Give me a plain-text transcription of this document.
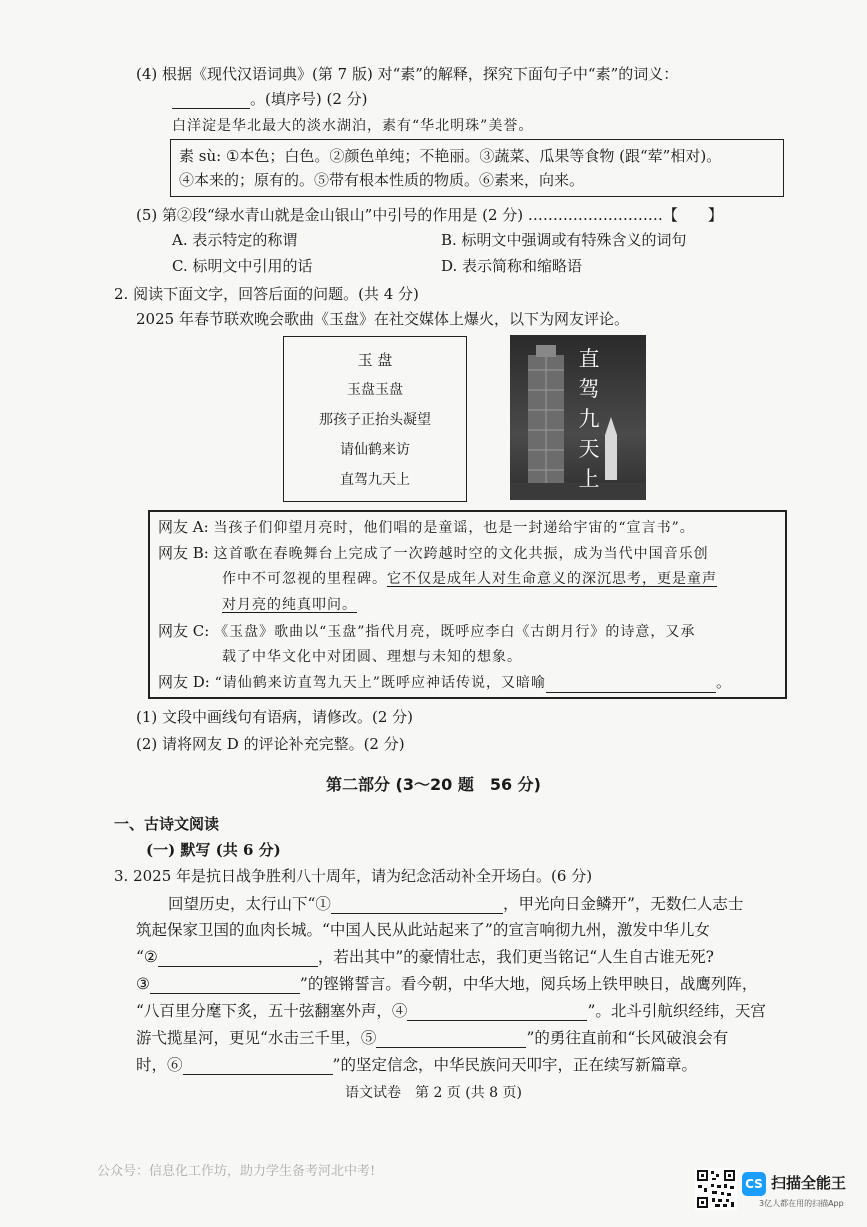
(4) 根据《现代汉语词典》(第 7 版) 对“素”的解释，探究下面句子中“素”的词义：
。(填序号) (2 分)
白洋淀是华北最大的淡水湖泊，素有“华北明珠”美誉。
素 sù: ①本色；白色。②颜色单纯；不艳丽。③蔬菜、瓜果等食物 (跟“荤”相对)。
④本来的；原有的。⑤带有根本性质的物质。⑥素来，向来。
(5) 第②段“绿水青山就是金山银山”中引号的作用是 (2 分) ………………………【　　】
A. 表示特定的称谓	B. 标明文中强调或有特殊含义的词句
C. 标明文中引用的话	D. 表示简称和缩略语
2. 阅读下面文字，回答后面的问题。(共 4 分)
2025 年春节联欢晚会歌曲《玉盘》在社交媒体上爆火，以下为网友评论。
玉 盘
玉盘玉盘
那孩子正抬头凝望
请仙鹤来访
直驾九天上
直
驾
九
天
上
网友 A: 当孩子们仰望月亮时，他们唱的是童谣，也是一封递给宇宙的“宣言书”。
网友 B: 这首歌在春晚舞台上完成了一次跨越时空的文化共振，成为当代中国音乐创
作中不可忽视的里程碑。它不仅是成年人对生命意义的深沉思考，更是童声
对月亮的纯真叩问。
网友 C: 《玉盘》歌曲以“玉盘”指代月亮，既呼应李白《古朗月行》的诗意，又承
载了中华文化中对团圆、理想与未知的想象。
网友 D: “请仙鹤来访直驾九天上”既呼应神话传说，又暗喻	。
(1) 文段中画线句有语病，请修改。(2 分)
(2) 请将网友 D 的评论补充完整。(2 分)
第二部分 (3～20 题　56 分)
一、古诗文阅读
(一) 默写 (共 6 分)
3. 2025 年是抗日战争胜利八十周年，请为纪念活动补全开场白。(6 分)
回望历史，太行山下“①	，甲光向日金鳞开”，无数仁人志士
筑起保家卫国的血肉长城。“中国人民从此站起来了”的宣言响彻九州，激发中华儿女
“②	，若出其中”的豪情壮志，我们更当铭记“人生自古谁无死?
③	”的铿锵誓言。看今朝，中华大地，阅兵场上铁甲映日，战鹰列阵，
“八百里分麾下炙，五十弦翻塞外声，④	”。北斗引航织经纬，天宫
游弋揽星河，更见“水击三千里，⑤	”的勇往直前和“长风破浪会有
时，⑥	”的坚定信念，中华民族问天叩宇，正在续写新篇章。
语文试卷　第 2 页 (共 8 页)
公众号：信息化工作坊，助力学生备考河北中考!
CS 扫描全能王
3亿人都在用的扫描App
